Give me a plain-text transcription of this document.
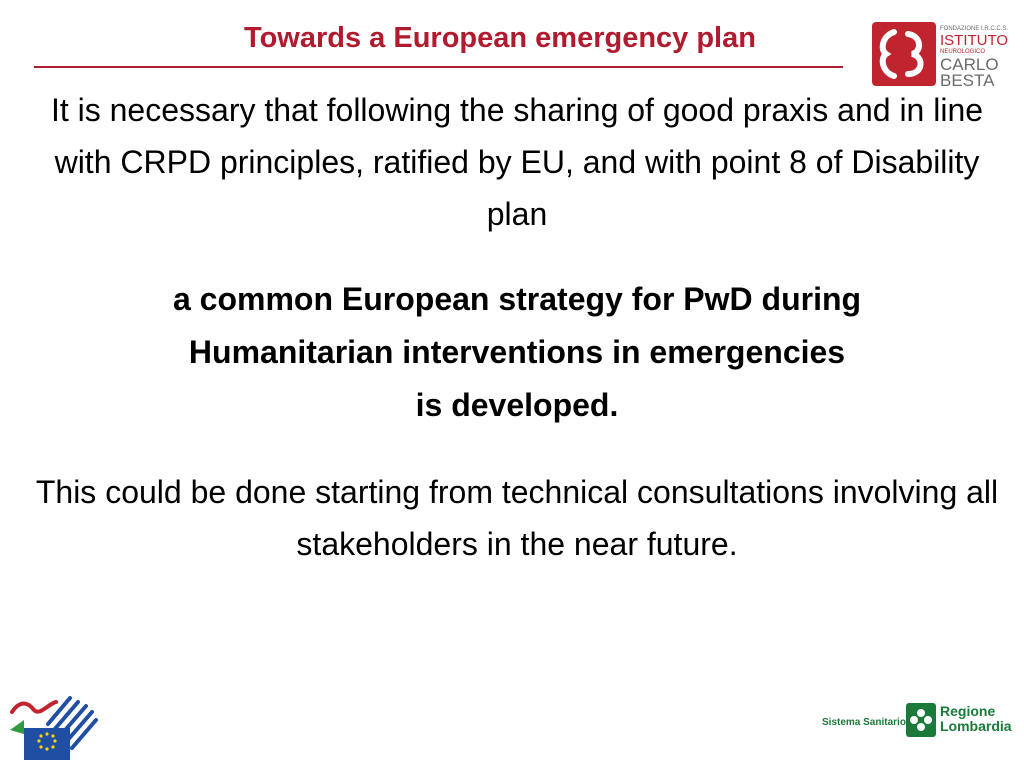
Towards a European emergency plan	FONDAZIONE I.R.C.C.S.
ISTITUTO
NEUROLOGICO
CARLO
BESTA
It is necessary that following the sharing of good praxis and in line with CRPD principles, ratified by EU, and with point 8 of Disability plan
a common European strategy for PwD during
Humanitarian interventions in emergencies
is developed.
This could be done starting from technical consultations involving all stakeholders in the near future.
Sistema Sanitario
Regione
Lombardia
